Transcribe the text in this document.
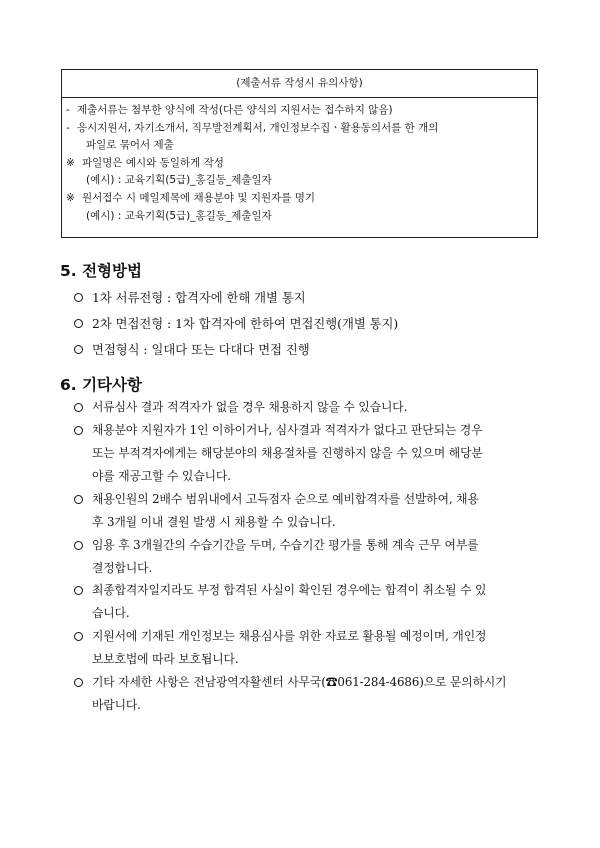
(제출서류 작성시 유의사항)
- 제출서류는 첨부한 양식에 작성(다른 양식의 지원서는 접수하지 않음)
- 응시지원서, 자기소개서, 직무발전계획서, 개인정보수집ㆍ활용동의서를 한 개의
파일로 묶어서 제출
※ 파일명은 예시와 동일하게 작성
(예시) : 교육기획(5급)_홍길동_제출일자
※ 원서접수 시 메일제목에 채용분야 및 지원자를 명기
(예시) : 교육기획(5급)_홍길동_제출일자
5. 전형방법
1차 서류전형 : 합격자에 한해 개별 통지
2차 면접전형 : 1차 합격자에 한하여 면접진행(개별 통지)
면접형식 : 일대다 또는 다대다 면접 진행
6. 기타사항
서류심사 결과 적격자가 없을 경우 채용하지 않을 수 있습니다.
채용분야 지원자가 1인 이하이거나, 심사결과 적격자가 없다고 판단되는 경우
또는 부적격자에게는 해당분야의 채용절차를 진행하지 않을 수 있으며 해당분
야를 재공고할 수 있습니다.
채용인원의 2배수 범위내에서 고득점자 순으로 예비합격자를 선발하여, 채용
후 3개월 이내 결원 발생 시 채용할 수 있습니다.
임용 후 3개월간의 수습기간을 두며, 수습기간 평가를 통해 계속 근무 여부를
결정합니다.
최종합격자일지라도 부정 합격된 사실이 확인된 경우에는 합격이 취소될 수 있
습니다.
지원서에 기재된 개인정보는 채용심사를 위한 자료로 활용될 예정이며, 개인정
보보호법에 따라 보호됩니다.
기타 자세한 사항은 전남광역자활센터 사무국(☎061-284-4686)으로 문의하시기
바랍니다.
